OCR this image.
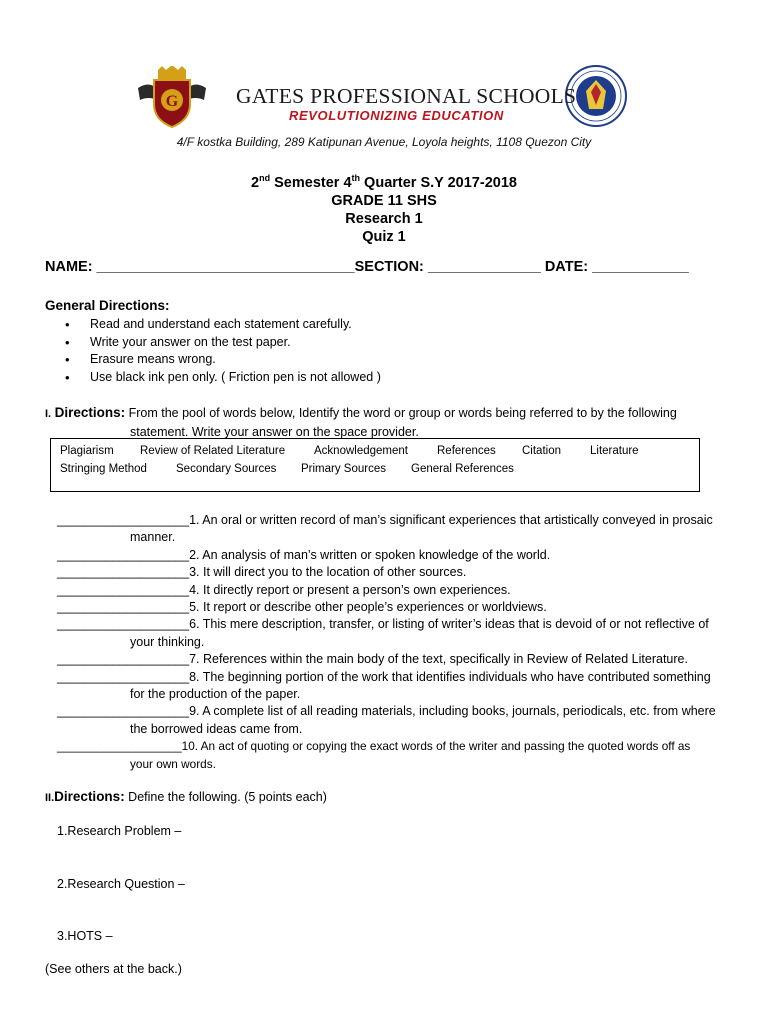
G	GATES PROFESSIONAL SCHOOLS
REVOLUTIONIZING EDUCATION
4/F kostka Building, 289 Katipunan Avenue, Loyola heights, 1108 Quezon City
2nd Semester 4th Quarter S.Y 2017-2018
GRADE 11 SHS
Research 1
Quiz 1
NAME: ________________________________SECTION: ______________ DATE: ____________
General Directions:
• Read and understand each statement carefully.
• Write your answer on the test paper.
• Erasure means wrong.
• Use black ink pen only. ( Friction pen is not allowed )
I. Directions: From the pool of words below, Identify the word or group or words being referred to by the following
statement. Write your answer on the space provider.
Plagiarism Review of Related Literature	Acknowledgement	References Citation	Literature
Stringing Method	Secondary Sources Primary Sources General References
___________________1. An oral or written record of man’s significant experiences that artistically conveyed in prosaic
manner.
___________________2. An analysis of man’s written or spoken knowledge of the world.
___________________3. It will direct you to the location of other sources.
___________________4. It directly report or present a person’s own experiences.
___________________5. It report or describe other people’s experiences or worldviews.
___________________6. This mere description, transfer, or listing of writer’s ideas that is devoid of or not reflective of
your thinking.
___________________7. References within the main body of the text, specifically in Review of Related Literature.
___________________8. The beginning portion of the work that identifies individuals who have contributed something
for the production of the paper.
___________________9. A complete list of all reading materials, including books, journals, periodicals, etc. from where
the borrowed ideas came from.
___________________10. An act of quoting or copying the exact words of the writer and passing the quoted words off as
your own words.
II.Directions: Define the following. (5 points each)
1.Research Problem –
2.Research Question –
3.HOTS –
(See others at the back.)
